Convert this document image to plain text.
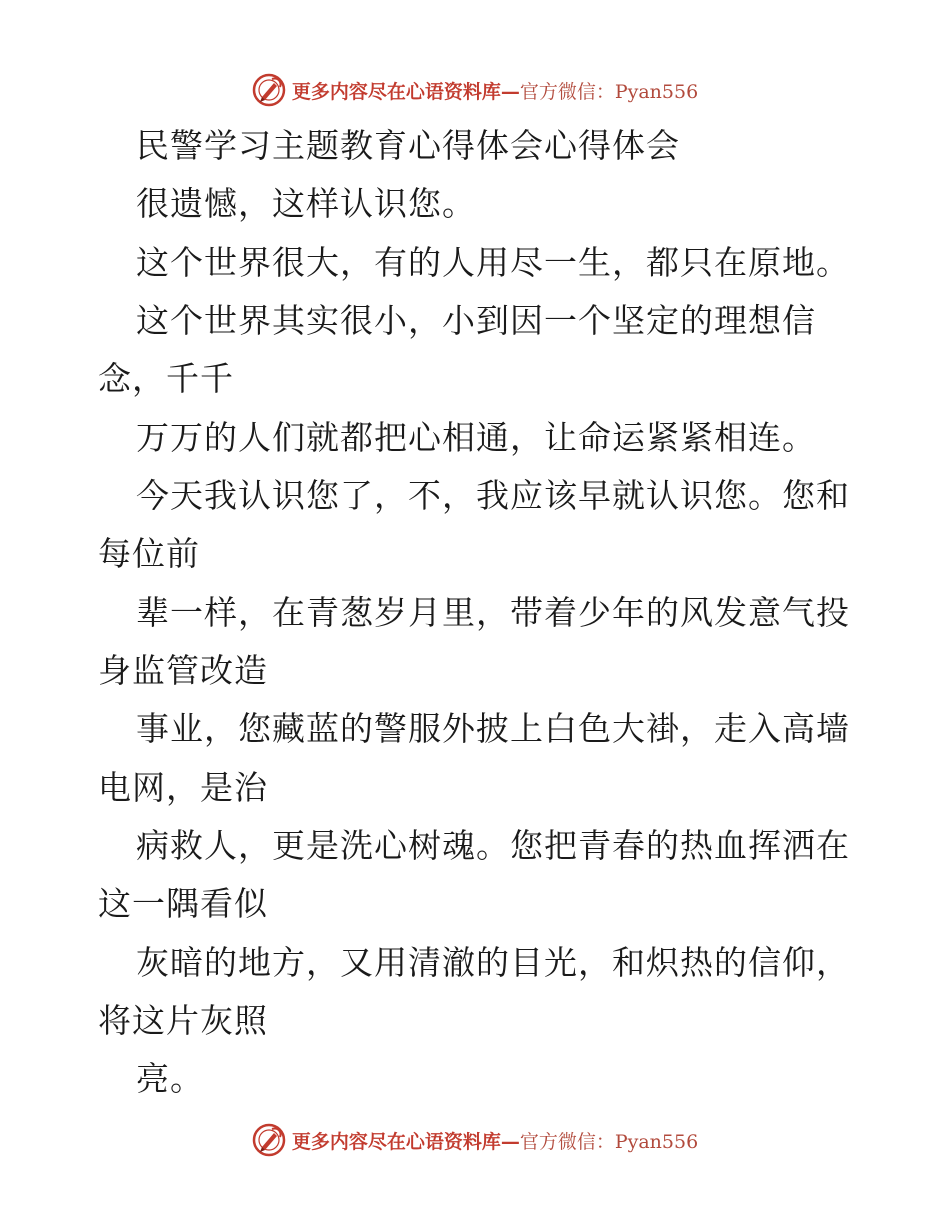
更多内容尽在心语资料库—官方微信：Pyan556
民警学习主题教育心得体会心得体会
很遗憾，这样认识您。
这个世界很大，有的人用尽一生，都只在原地。
这个世界其实很小，小到因一个坚定的理想信
念，千千
万万的人们就都把心相通，让命运紧紧相连。
今天我认识您了，不，我应该早就认识您。您和
每位前
辈一样，在青葱岁月里，带着少年的风发意气投
身监管改造
事业，您藏蓝的警服外披上白色大褂，走入高墙
电网，是治
病救人，更是洗心树魂。您把青春的热血挥洒在
这一隅看似
灰暗的地方，又用清澈的目光，和炽热的信仰，
将这片灰照
亮。
更多内容尽在心语资料库—官方微信：Pyan556
